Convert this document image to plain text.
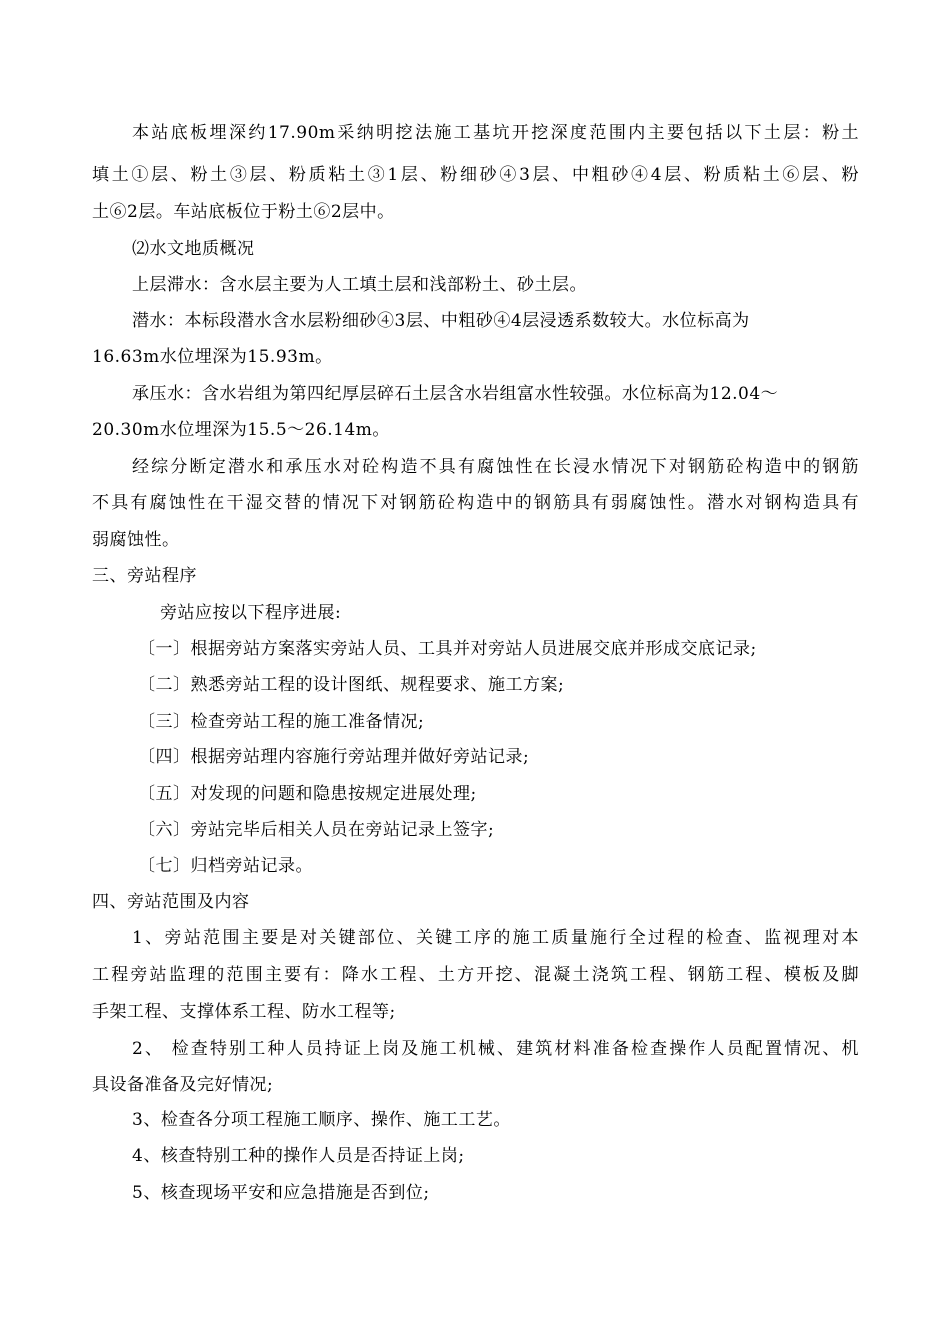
本站底板埋深约17.90m采纳明挖法施工基坑开挖深度范围内主要包括以下土层：粉土
填土①层、粉土③层、粉质粘土③1层、粉细砂④3层、中粗砂④4层、粉质粘土⑥层、粉
土⑥2层。车站底板位于粉土⑥2层中。
⑵水文地质概况
上层滞水：含水层主要为人工填土层和浅部粉土、砂土层。
潜水：本标段潜水含水层粉细砂④3层、中粗砂④4层浸透系数较大。水位标高为
16.63m水位埋深为15.93m。
承压水：含水岩组为第四纪厚层碎石土层含水岩组富水性较强。水位标高为12.04～
20.30m水位埋深为15.5～26.14m。
经综分断定潜水和承压水对砼构造不具有腐蚀性在长浸水情况下对钢筋砼构造中的钢筋
不具有腐蚀性在干湿交替的情况下对钢筋砼构造中的钢筋具有弱腐蚀性。潜水对钢构造具有
弱腐蚀性。
三、旁站程序
旁站应按以下程序进展:
〔一〕根据旁站方案落实旁站人员、工具并对旁站人员进展交底并形成交底记录;
〔二〕熟悉旁站工程的设计图纸、规程要求、施工方案;
〔三〕检查旁站工程的施工准备情况;
〔四〕根据旁站理内容施行旁站理并做好旁站记录;
〔五〕对发现的问题和隐患按规定进展处理;
〔六〕旁站完毕后相关人员在旁站记录上签字;
〔七〕归档旁站记录。
四、旁站范围及内容
1、旁站范围主要是对关键部位、关键工序的施工质量施行全过程的检查、监视理对本
工程旁站监理的范围主要有：降水工程、土方开挖、混凝土浇筑工程、钢筋工程、模板及脚
手架工程、支撑体系工程、防水工程等;
2、 检查特别工种人员持证上岗及施工机械、建筑材料准备检查操作人员配置情况、机
具设备准备及完好情况;
3、检查各分项工程施工顺序、操作、施工工艺。
4、核查特别工种的操作人员是否持证上岗;
5、核查现场平安和应急措施是否到位;
